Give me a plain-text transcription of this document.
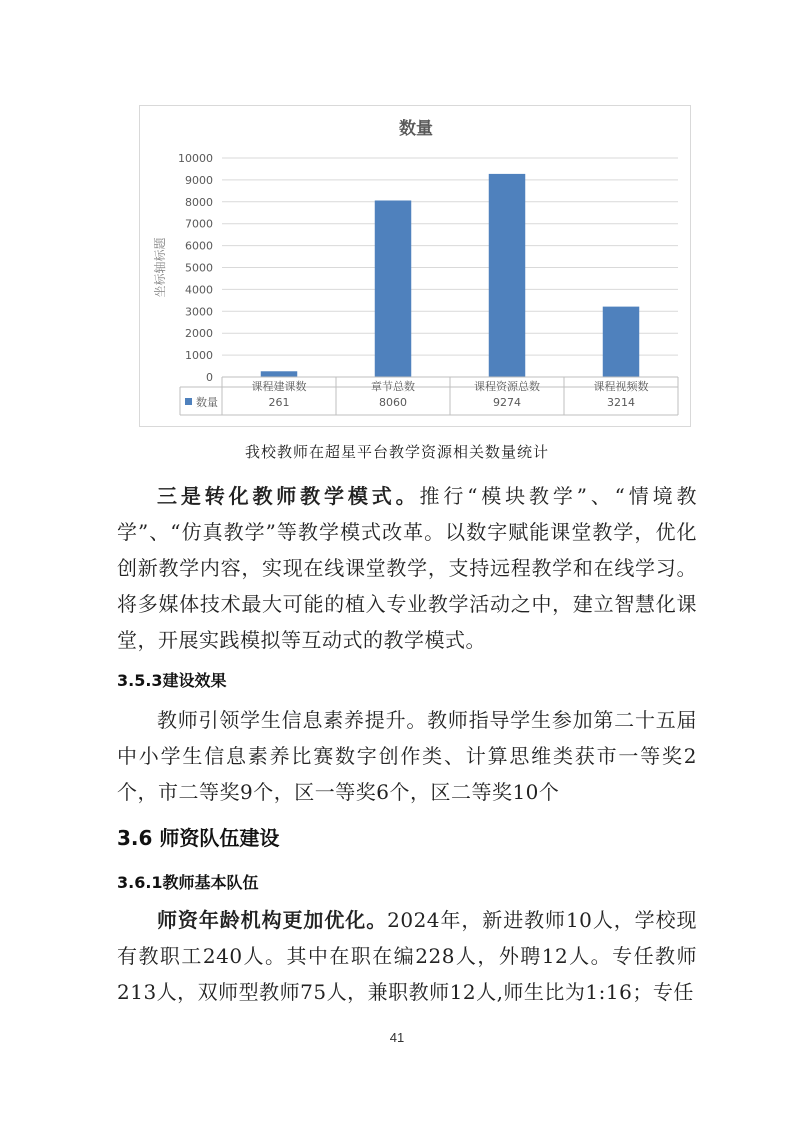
数量
0
1000
2000
3000
4000
5000
6000
7000
8000
9000
10000
坐标轴标题
课程建课数
261
章节总数
8060
课程资源总数
9274
课程视频数
3214
数量
我校教师在超星平台教学资源相关数量统计

三是转化教师教学模式。推行“模块教学”、“情境教学”、“仿真教学”等教学模式改革。以数字赋能课堂教学，优化创新教学内容，实现在线课堂教学，支持远程教学和在线学习。将多媒体技术最大可能的植入专业教学活动之中，建立智慧化课堂，开展实践模拟等互动式的教学模式。

3.5.3建设效果

教师引领学生信息素养提升。教师指导学生参加第二十五届中小学生信息素养比赛数字创作类、计算思维类获市一等奖2个，市二等奖9个，区一等奖6个，区二等奖10个

3.6 师资队伍建设
3.6.1教师基本队伍

师资年龄机构更加优化。2024年，新进教师10人，学校现有教职工240人。其中在职在编228人，外聘12人。专任教师213人，双师型教师75人，兼职教师12人,师生比为1:16；专任

41
